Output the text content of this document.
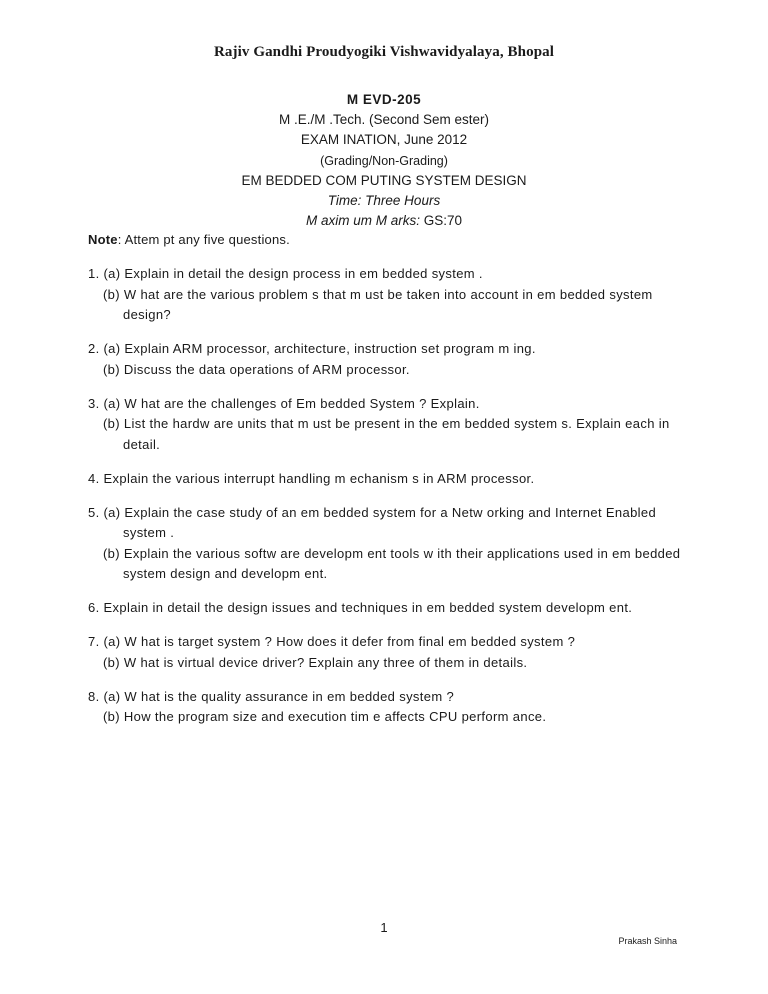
Rajiv Gandhi Proudyogiki Vishwavidyalaya, Bhopal
M EVD-205
M .E./M .Tech. (Second Sem ester)
EXAM INATION, June 2012
(Grading/Non-Grading)
EM BEDDED COM PUTING SYSTEM DESIGN
Time: Three Hours
M axim um M arks: GS:70
Note: Attem pt any five questions.
1. (a) Explain in detail the design process in em bedded system .
(b) W hat are the various problem s that m ust be taken into account in em bedded system
design?
2. (a) Explain ARM processor, architecture, instruction set program m ing.
(b) Discuss the data operations of ARM processor.
3. (a) W hat are the challenges of Em bedded System ? Explain.
(b) List the hardw are units that m ust be present in the em bedded system s. Explain each in
detail.
4. Explain the various interrupt handling m echanism s in ARM processor.
5. (a) Explain the case study of an em bedded system for a Netw orking and Internet Enabled
system .
(b) Explain the various softw are developm ent tools w ith their applications used in em bedded
system design and developm ent.
6. Explain in detail the design issues and techniques in em bedded system developm ent.
7. (a) W hat is target system ? How does it defer from final em bedded system ?
(b) W hat is virtual device driver? Explain any three of them in details.
8. (a) W hat is the quality assurance in em bedded system ?
(b) How the program size and execution tim e affects CPU perform ance.
1
Prakash Sinha
